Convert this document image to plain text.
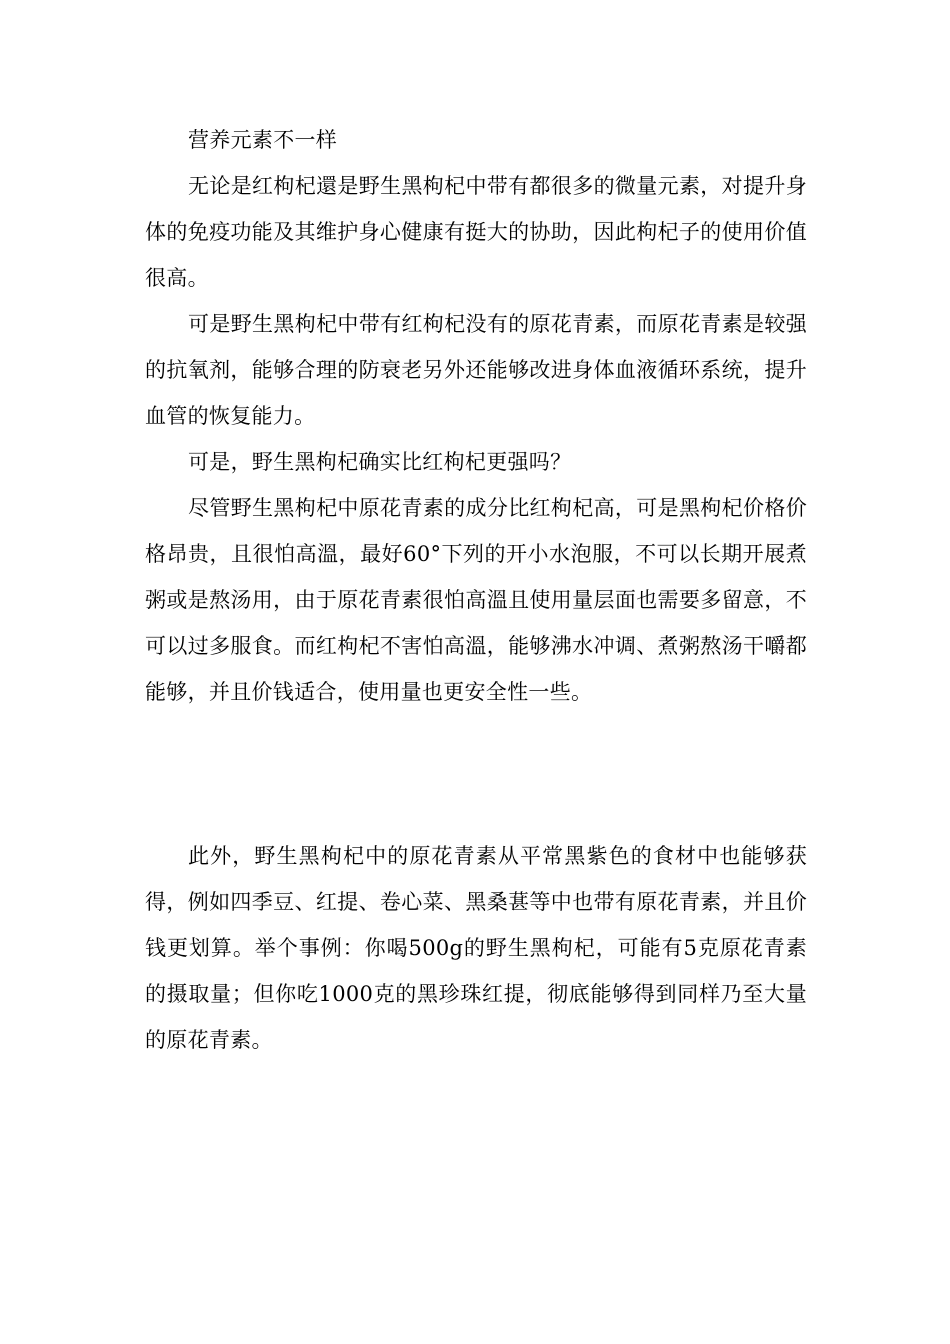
营养元素不一样

无论是红枸杞還是野生黑枸杞中带有都很多的微量元素，对提升身体的免疫功能及其维护身心健康有挺大的协助，因此枸杞子的使用价值很高。

可是野生黑枸杞中带有红枸杞没有的原花青素，而原花青素是较强的抗氧剂，能够合理的防衰老另外还能够改进身体血液循环系统，提升血管的恢复能力。

可是，野生黑枸杞确实比红枸杞更强吗？

尽管野生黑枸杞中原花青素的成分比红枸杞高，可是黑枸杞价格价格昂贵，且很怕高溫，最好60°下列的开小水泡服，不可以长期开展煮粥或是熬汤用，由于原花青素很怕高溫且使用量层面也需要多留意，不可以过多服食。而红枸杞不害怕高溫，能够沸水冲调、煮粥熬汤干嚼都能够，并且价钱适合，使用量也更安全性一些。

此外，野生黑枸杞中的原花青素从平常黑紫色的食材中也能够获得，例如四季豆、红提、卷心菜、黑桑葚等中也带有原花青素，并且价钱更划算。举个事例：你喝500g的野生黑枸杞，可能有5克原花青素的摄取量；但你吃1000克的黑珍珠红提，彻底能够得到同样乃至大量的原花青素。
